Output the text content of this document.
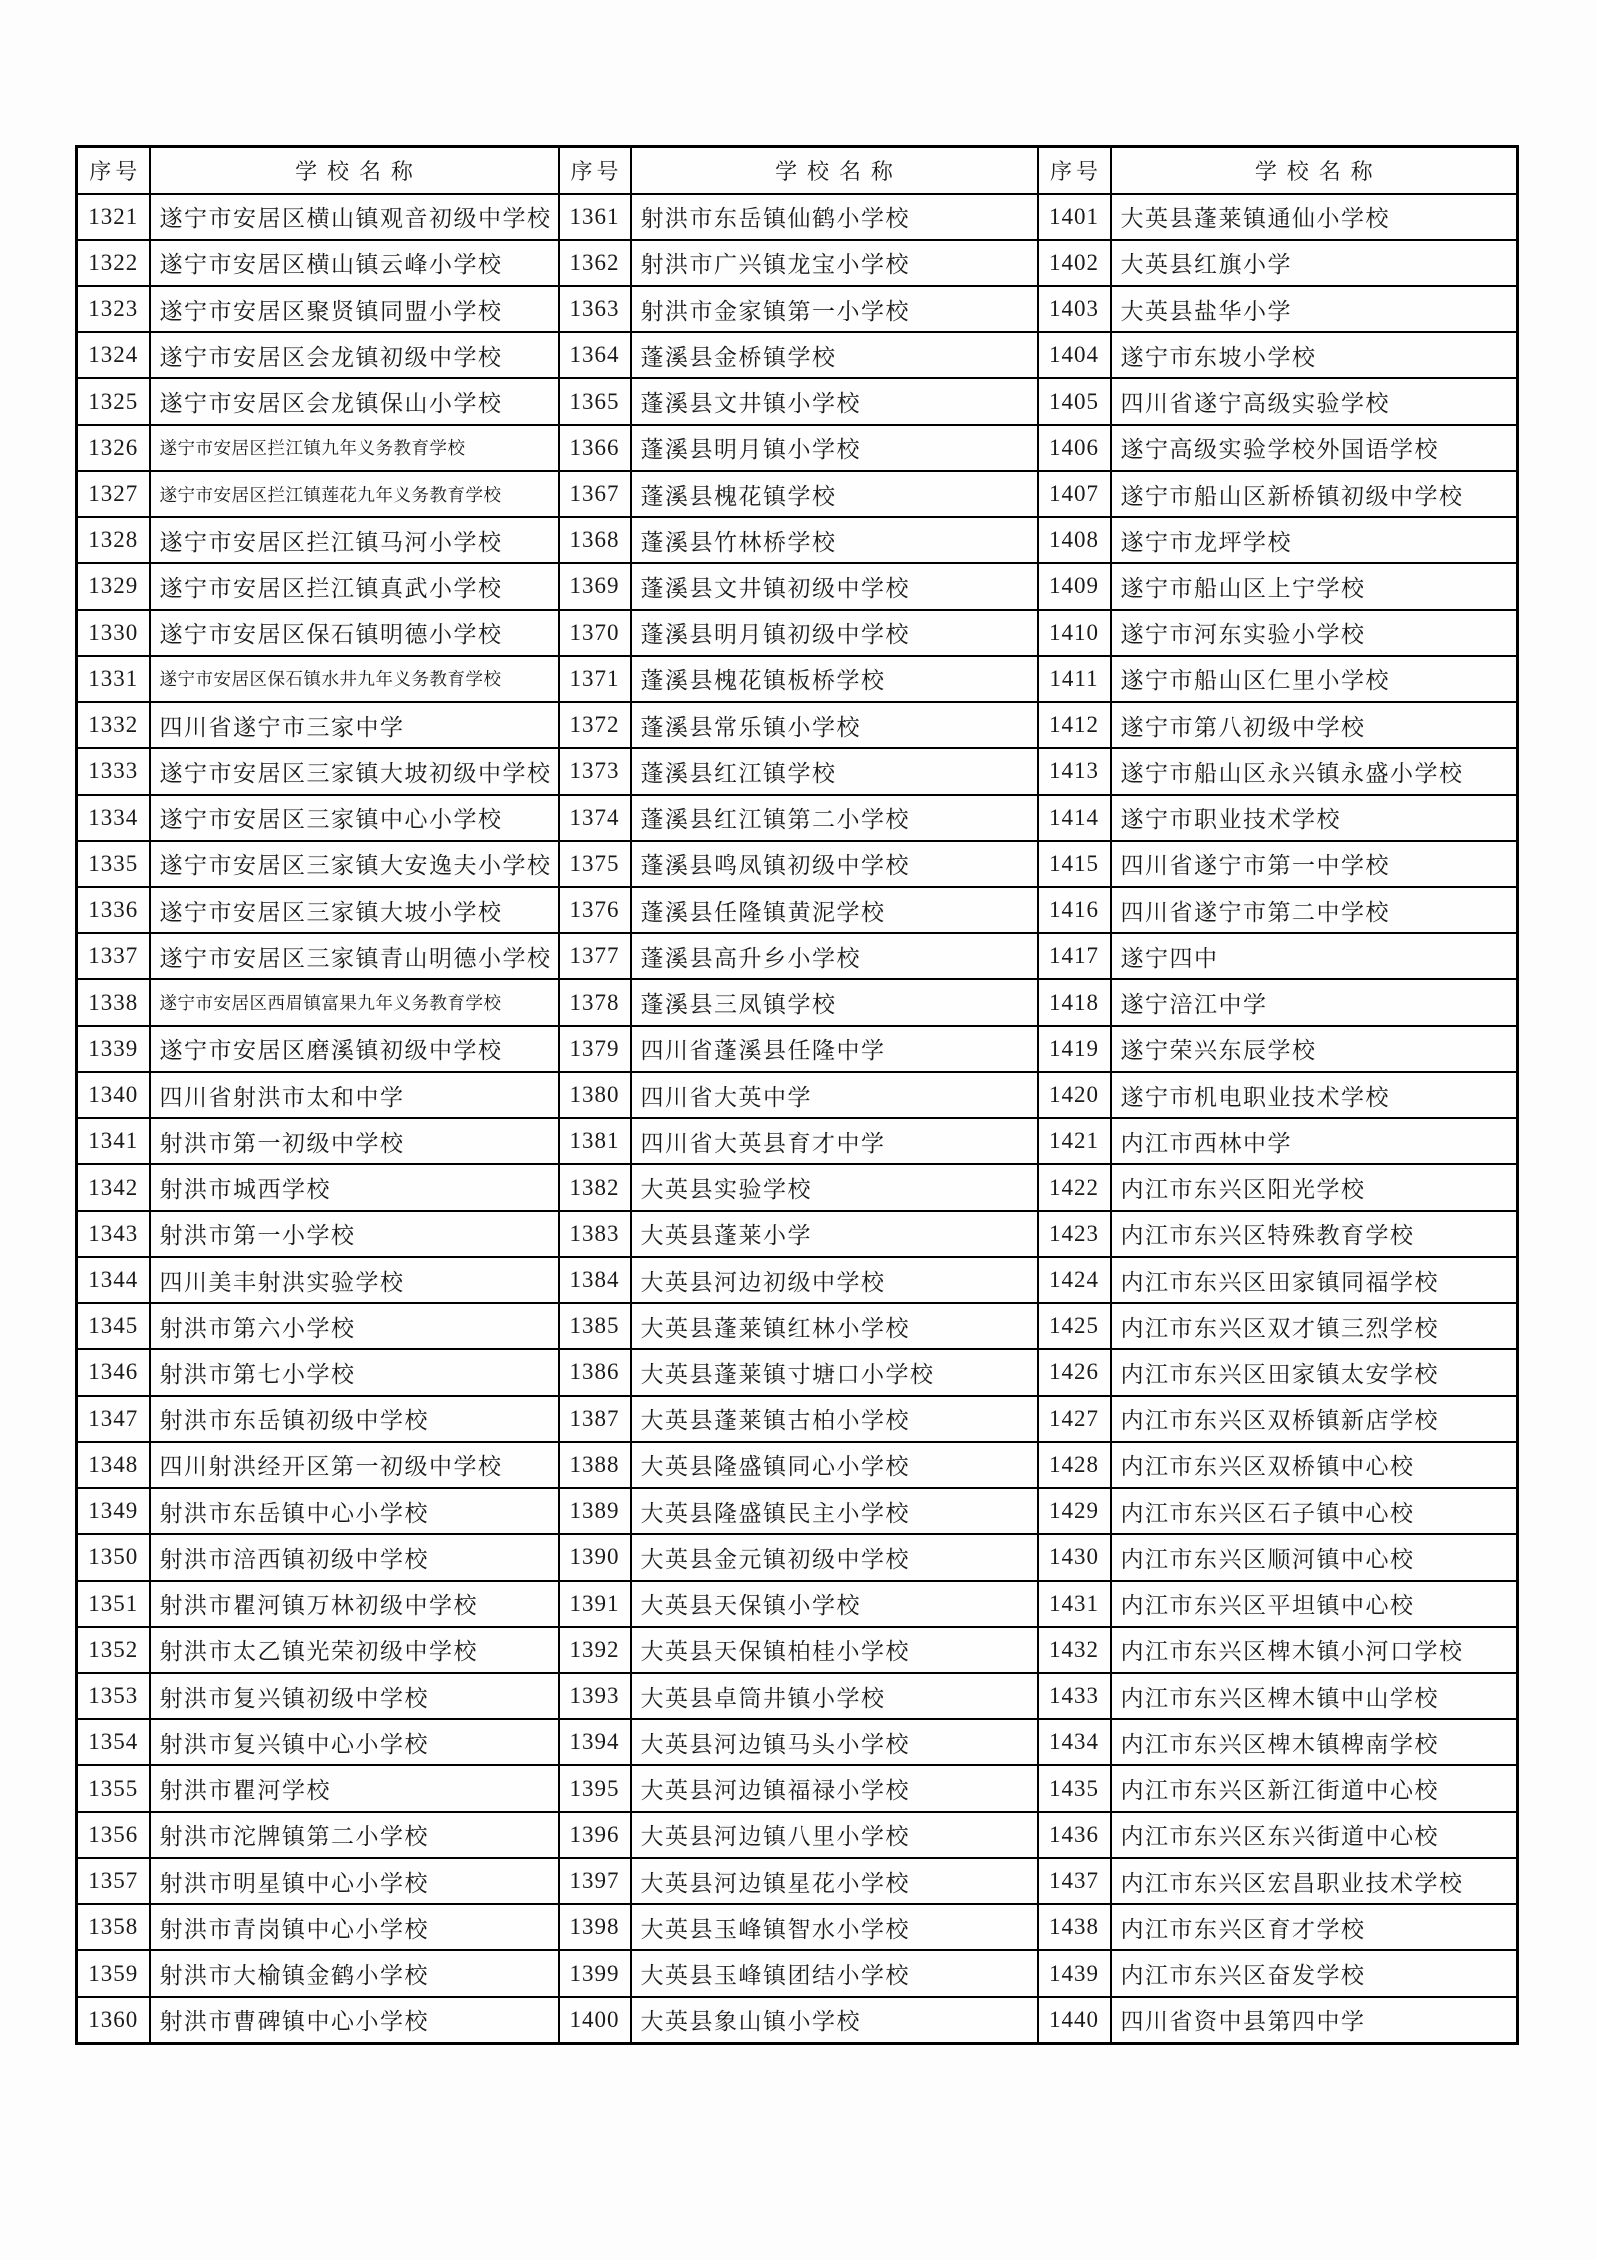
序号	学校名称	序号	学校名称	序号	学校名称
1321	遂宁市安居区横山镇观音初级中学校	1361	射洪市东岳镇仙鹤小学校	1401	大英县蓬莱镇通仙小学校
1322	遂宁市安居区横山镇云峰小学校	1362	射洪市广兴镇龙宝小学校	1402	大英县红旗小学
1323	遂宁市安居区聚贤镇同盟小学校	1363	射洪市金家镇第一小学校	1403	大英县盐华小学
1324	遂宁市安居区会龙镇初级中学校	1364	蓬溪县金桥镇学校	1404	遂宁市东坡小学校
1325	遂宁市安居区会龙镇保山小学校	1365	蓬溪县文井镇小学校	1405	四川省遂宁高级实验学校
1326	遂宁市安居区拦江镇九年义务教育学校	1366	蓬溪县明月镇小学校	1406	遂宁高级实验学校外国语学校
1327	遂宁市安居区拦江镇莲花九年义务教育学校	1367	蓬溪县槐花镇学校	1407	遂宁市船山区新桥镇初级中学校
1328	遂宁市安居区拦江镇马河小学校	1368	蓬溪县竹林桥学校	1408	遂宁市龙坪学校
1329	遂宁市安居区拦江镇真武小学校	1369	蓬溪县文井镇初级中学校	1409	遂宁市船山区上宁学校
1330	遂宁市安居区保石镇明德小学校	1370	蓬溪县明月镇初级中学校	1410	遂宁市河东实验小学校
1331	遂宁市安居区保石镇水井九年义务教育学校	1371	蓬溪县槐花镇板桥学校	1411	遂宁市船山区仁里小学校
1332	四川省遂宁市三家中学	1372	蓬溪县常乐镇小学校	1412	遂宁市第八初级中学校
1333	遂宁市安居区三家镇大坡初级中学校	1373	蓬溪县红江镇学校	1413	遂宁市船山区永兴镇永盛小学校
1334	遂宁市安居区三家镇中心小学校	1374	蓬溪县红江镇第二小学校	1414	遂宁市职业技术学校
1335	遂宁市安居区三家镇大安逸夫小学校	1375	蓬溪县鸣凤镇初级中学校	1415	四川省遂宁市第一中学校
1336	遂宁市安居区三家镇大坡小学校	1376	蓬溪县任隆镇黄泥学校	1416	四川省遂宁市第二中学校
1337	遂宁市安居区三家镇青山明德小学校	1377	蓬溪县高升乡小学校	1417	遂宁四中
1338	遂宁市安居区西眉镇富果九年义务教育学校	1378	蓬溪县三凤镇学校	1418	遂宁涪江中学
1339	遂宁市安居区磨溪镇初级中学校	1379	四川省蓬溪县任隆中学	1419	遂宁荣兴东辰学校
1340	四川省射洪市太和中学	1380	四川省大英中学	1420	遂宁市机电职业技术学校
1341	射洪市第一初级中学校	1381	四川省大英县育才中学	1421	内江市西林中学
1342	射洪市城西学校	1382	大英县实验学校	1422	内江市东兴区阳光学校
1343	射洪市第一小学校	1383	大英县蓬莱小学	1423	内江市东兴区特殊教育学校
1344	四川美丰射洪实验学校	1384	大英县河边初级中学校	1424	内江市东兴区田家镇同福学校
1345	射洪市第六小学校	1385	大英县蓬莱镇红林小学校	1425	内江市东兴区双才镇三烈学校
1346	射洪市第七小学校	1386	大英县蓬莱镇寸塘口小学校	1426	内江市东兴区田家镇太安学校
1347	射洪市东岳镇初级中学校	1387	大英县蓬莱镇古柏小学校	1427	内江市东兴区双桥镇新店学校
1348	四川射洪经开区第一初级中学校	1388	大英县隆盛镇同心小学校	1428	内江市东兴区双桥镇中心校
1349	射洪市东岳镇中心小学校	1389	大英县隆盛镇民主小学校	1429	内江市东兴区石子镇中心校
1350	射洪市涪西镇初级中学校	1390	大英县金元镇初级中学校	1430	内江市东兴区顺河镇中心校
1351	射洪市瞿河镇万林初级中学校	1391	大英县天保镇小学校	1431	内江市东兴区平坦镇中心校
1352	射洪市太乙镇光荣初级中学校	1392	大英县天保镇柏桂小学校	1432	内江市东兴区椑木镇小河口学校
1353	射洪市复兴镇初级中学校	1393	大英县卓筒井镇小学校	1433	内江市东兴区椑木镇中山学校
1354	射洪市复兴镇中心小学校	1394	大英县河边镇马头小学校	1434	内江市东兴区椑木镇椑南学校
1355	射洪市瞿河学校	1395	大英县河边镇福禄小学校	1435	内江市东兴区新江街道中心校
1356	射洪市沱牌镇第二小学校	1396	大英县河边镇八里小学校	1436	内江市东兴区东兴街道中心校
1357	射洪市明星镇中心小学校	1397	大英县河边镇星花小学校	1437	内江市东兴区宏昌职业技术学校
1358	射洪市青岗镇中心小学校	1398	大英县玉峰镇智水小学校	1438	内江市东兴区育才学校
1359	射洪市大榆镇金鹤小学校	1399	大英县玉峰镇团结小学校	1439	内江市东兴区奋发学校
1360	射洪市曹碑镇中心小学校	1400	大英县象山镇小学校	1440	四川省资中县第四中学
